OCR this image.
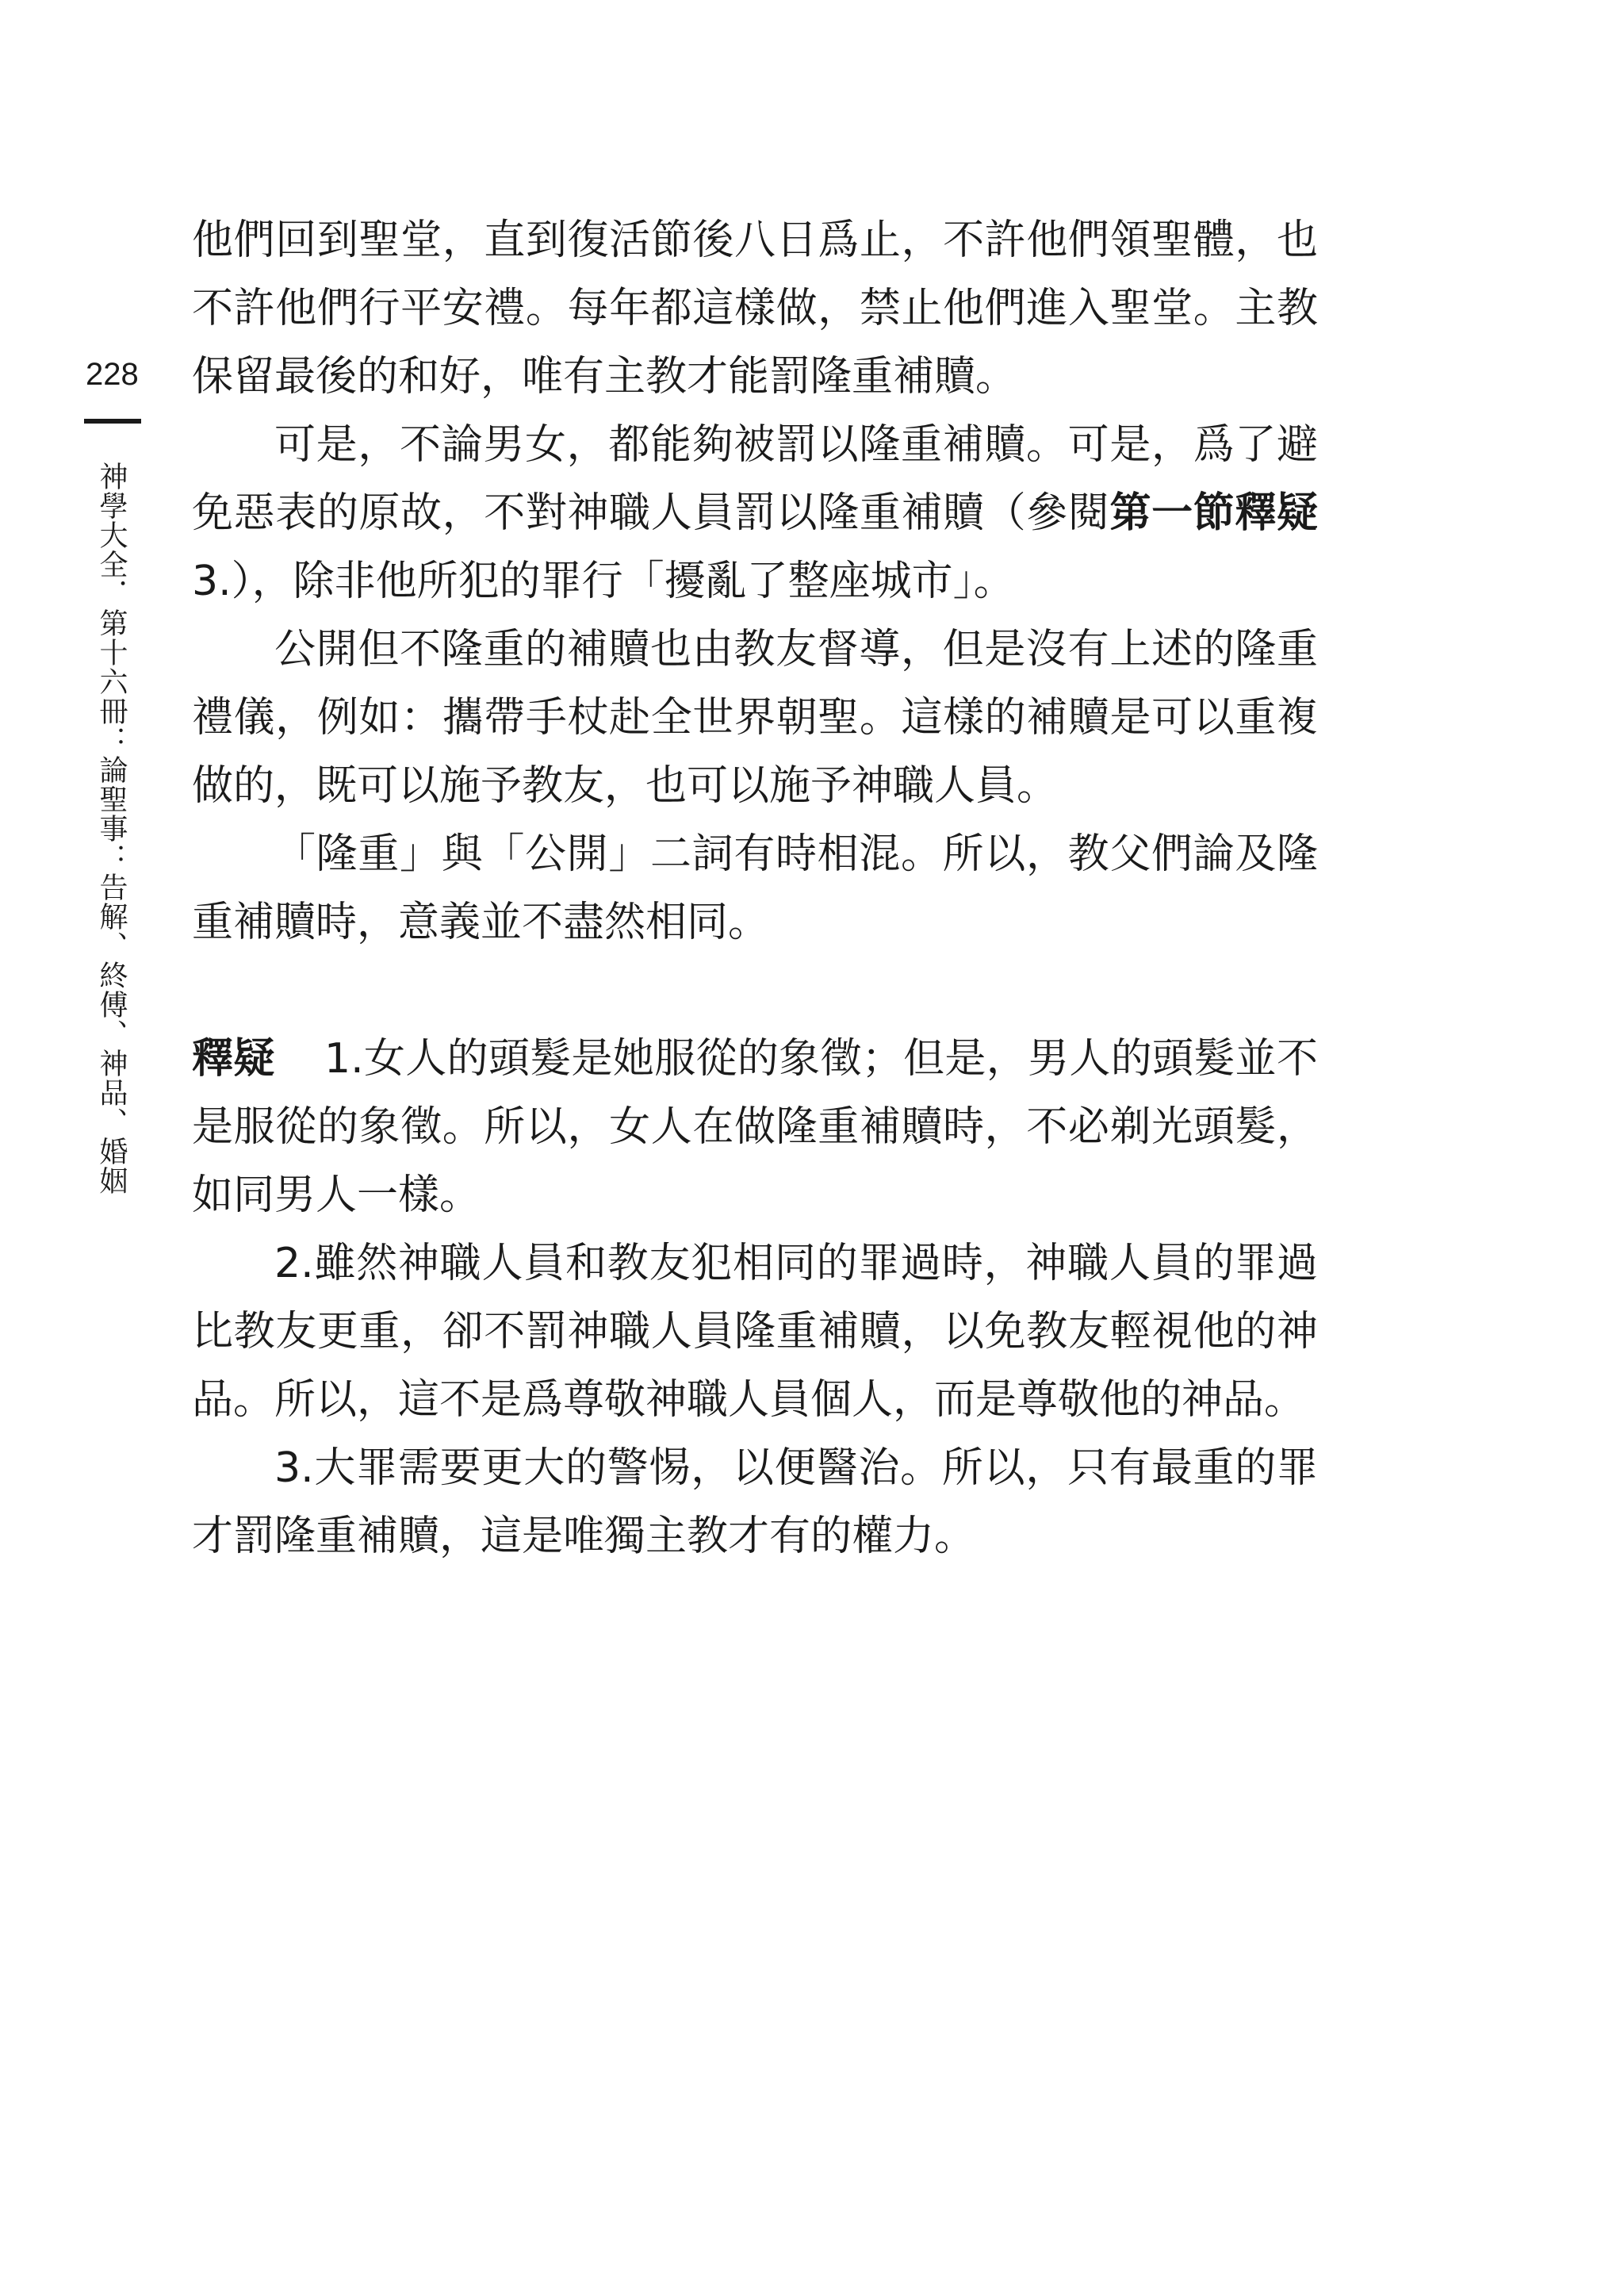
228
神學大全．第十六冊：論聖事：告解、終傅、神品、婚姻

他們回到聖堂，直到復活節後八日爲止，不許他們領聖體，也不許他們行平安禮。每年都這樣做，禁止他們進入聖堂。主教保留最後的和好，唯有主教才能罰隆重補贖。

可是，不論男女，都能夠被罰以隆重補贖。可是，爲了避免惡表的原故，不對神職人員罰以隆重補贖（參閱第一節釋疑3.），除非他所犯的罪行「擾亂了整座城市」。

公開但不隆重的補贖也由教友督導，但是沒有上述的隆重禮儀，例如：攜帶手杖赴全世界朝聖。這樣的補贖是可以重複做的，既可以施予教友，也可以施予神職人員。

「隆重」與「公開」二詞有時相混。所以，教父們論及隆重補贖時，意義並不盡然相同。

釋疑 1.女人的頭髮是她服從的象徵；但是，男人的頭髮並不是服從的象徵。所以，女人在做隆重補贖時，不必剃光頭髮，如同男人一樣。

2.雖然神職人員和教友犯相同的罪過時，神職人員的罪過比教友更重，卻不罰神職人員隆重補贖，以免教友輕視他的神品。所以，這不是爲尊敬神職人員個人，而是尊敬他的神品。

3.大罪需要更大的警惕，以便醫治。所以，只有最重的罪才罰隆重補贖，這是唯獨主教才有的權力。
